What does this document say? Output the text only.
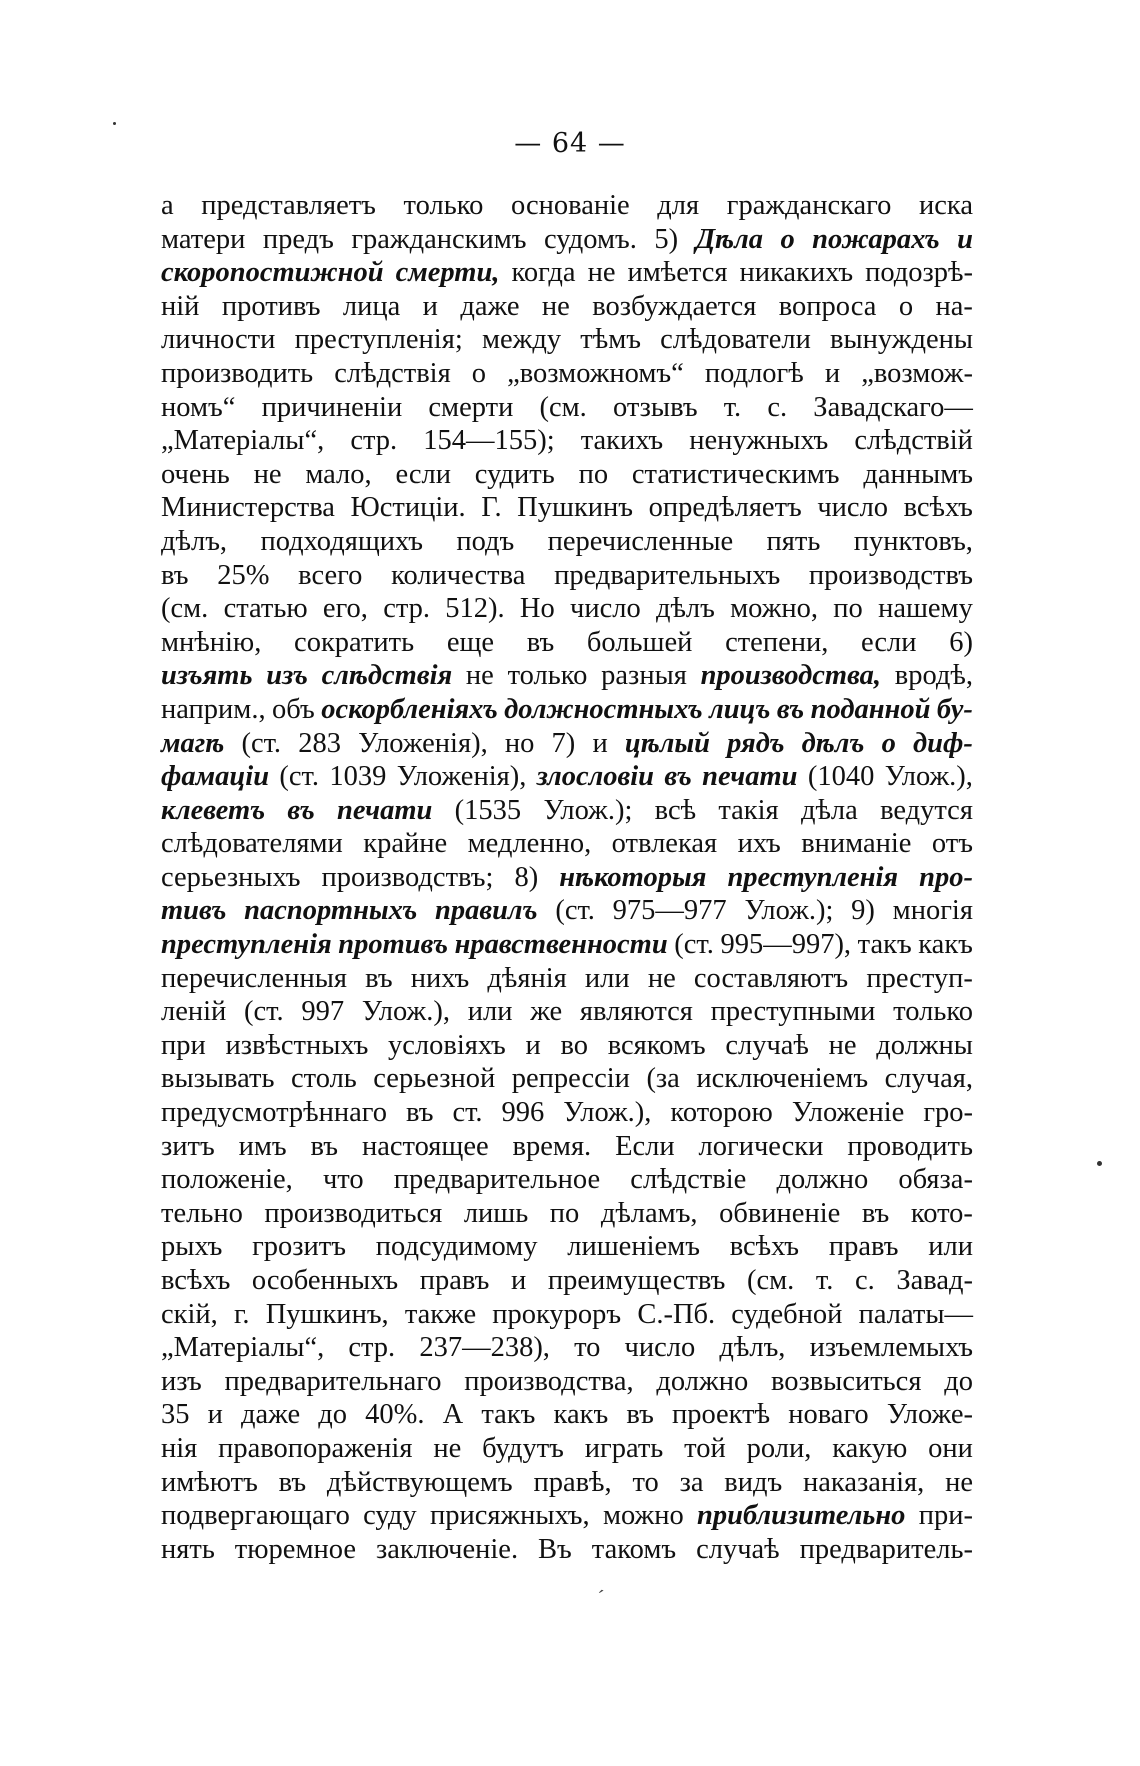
— 64 —
а представляетъ только основаніе для гражданскаго иска
матери предъ гражданскимъ судомъ. 5) Дѣла о пожарахъ и
скоропостижной смерти, когда не имѣется никакихъ подозрѣ-
ній противъ лица и даже не возбуждается вопроса о на-
личности преступленія; между тѣмъ слѣдователи вынуждены
производить слѣдствія о „возможномъ“ подлогѣ и „возмож-
номъ“ причиненіи смерти (см. отзывъ т. с. Завадскаго—
„Матеріалы“, стр. 154—155); такихъ ненужныхъ слѣдствій
очень не мало, если судить по статистическимъ даннымъ
Министерства Юстиціи. Г. Пушкинъ опредѣляетъ число всѣхъ
дѣлъ, подходящихъ подъ перечисленные пять пунктовъ,
въ 25% всего количества предварительныхъ производствъ
(см. статью его, стр. 512). Но число дѣлъ можно, по нашему
мнѣнію, сократить еще въ большей степени, если 6)
изъять изъ слѣдствія не только разныя производства, вродѣ,
наприм., объ оскорбленіяхъ должностныхъ лицъ въ поданной бу-
магѣ (ст. 283 Уложенія), но 7) и цѣлый рядъ дѣлъ о диф-
фамаціи (ст. 1039 Уложенія), злословіи въ печати (1040 Улож.),
клеветъ въ печати (1535 Улож.); всѣ такія дѣла ведутся
слѣдователями крайне медленно, отвлекая ихъ вниманіе отъ
серьезныхъ производствъ; 8) нѣкоторыя преступленія про-
тивъ паспортныхъ правилъ (ст. 975—977 Улож.); 9) многія
преступленія противъ нравственности (ст. 995—997), такъ какъ
перечисленныя въ нихъ дѣянія или не составляютъ преступ-
леній (ст. 997 Улож.), или же являются преступными только
при извѣстныхъ условіяхъ и во всякомъ случаѣ не должны
вызывать столь серьезной репрессіи (за исключеніемъ случая,
предусмотрѣннаго въ ст. 996 Улож.), которою Уложеніе гро-
зитъ имъ въ настоящее время. Если логически проводить
положеніе, что предварительное слѣдствіе должно обяза-
тельно производиться лишь по дѣламъ, обвиненіе въ кото-
рыхъ грозитъ подсудимому лишеніемъ всѣхъ правъ или
всѣхъ особенныхъ правъ и преимуществъ (см. т. с. Завад-
скій, г. Пушкинъ, также прокуроръ С.-Пб. судебной палаты—
„Матеріалы“, стр. 237—238), то число дѣлъ, изъемлемыхъ
изъ предварительнаго производства, должно возвыситься до
35 и даже до 40%. А такъ какъ въ проектѣ новаго Уложе-
нія правопораженія не будутъ играть той роли, какую они
имѣютъ въ дѣйствующемъ правѣ, то за видъ наказанія, не
подвергающаго суду присяжныхъ, можно приблизительно при-
нять тюремное заключеніе. Въ такомъ случаѣ предваритель-
′
